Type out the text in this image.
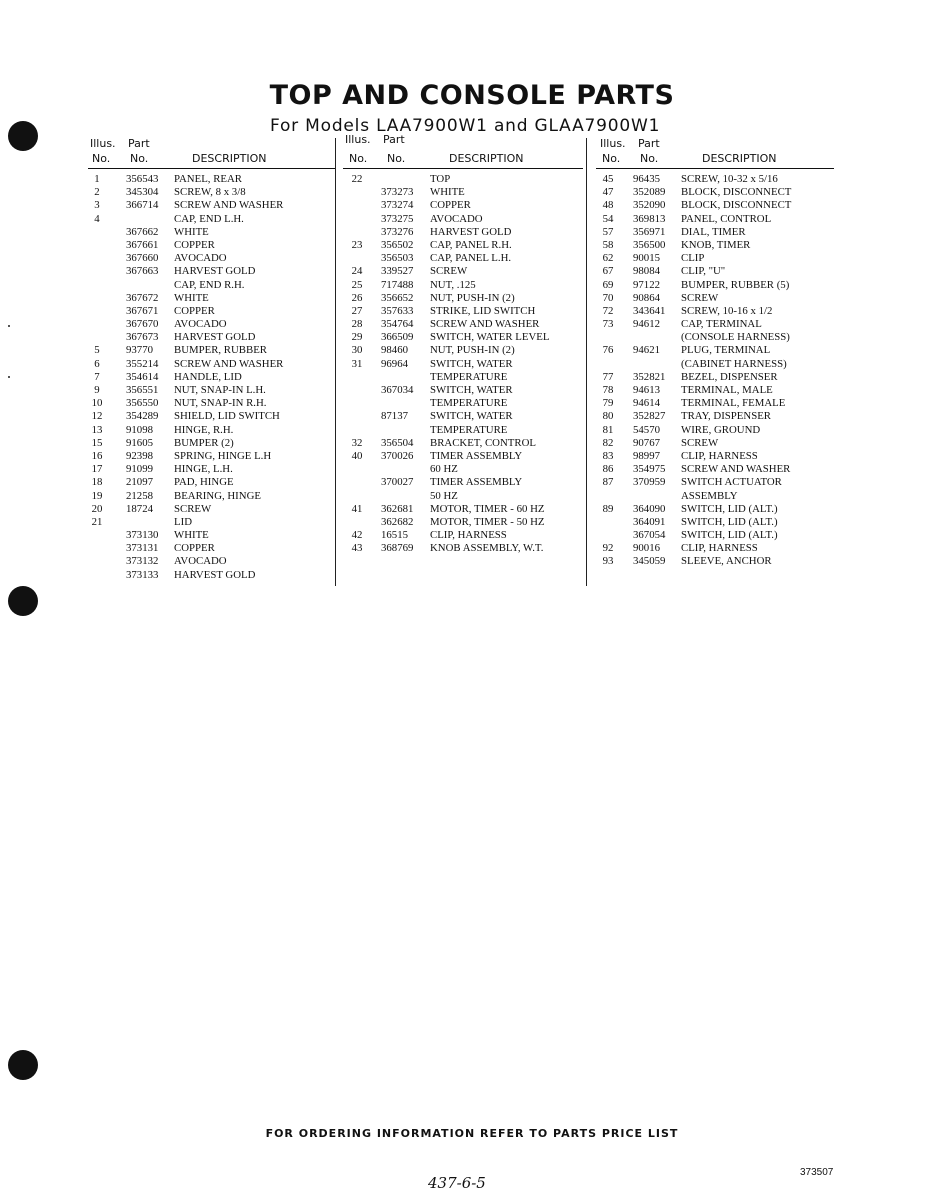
TOP AND CONSOLE PARTS
For Models LAA7900W1 and GLAA7900W1
Illus. Part
No. No.	DESCRIPTION
1	356543 PANEL, REAR
2	345304 SCREW, 8 x 3/8
3	366714 SCREW AND WASHER
4	CAP, END L.H.
367662 WHITE
367661 COPPER
367660 AVOCADO
367663 HARVEST GOLD
CAP, END R.H.
367672 WHITE
367671 COPPER
367670 AVOCADO
367673 HARVEST GOLD
5	93770 BUMPER, RUBBER
6	355214 SCREW AND WASHER
7	354614 HANDLE, LID
9	356551 NUT, SNAP-IN L.H.
10	356550 NUT, SNAP-IN R.H.
12	354289 SHIELD, LID SWITCH
13	91098 HINGE, R.H.
15	91605 BUMPER (2)
16	92398 SPRING, HINGE L.H
17	91099 HINGE, L.H.
18	21097 PAD, HINGE
19	21258 BEARING, HINGE
20	18724 SCREW
21	LID
373130 WHITE
373131 COPPER
373132 AVOCADO
373133 HARVEST GOLD
Illus. Part
No. No.	DESCRIPTION
22	TOP
373273 WHITE
373274 COPPER
373275 AVOCADO
373276 HARVEST GOLD
23	356502 CAP, PANEL R.H.
356503 CAP, PANEL L.H.
24	339527 SCREW
25	717488 NUT, .125
26	356652 NUT, PUSH-IN (2)
27	357633 STRIKE, LID SWITCH
28	354764 SCREW AND WASHER
29	366509 SWITCH, WATER LEVEL
30	98460 NUT, PUSH-IN (2)
31	96964 SWITCH, WATER
TEMPERATURE
367034 SWITCH, WATER
TEMPERATURE
87137 SWITCH, WATER
TEMPERATURE
32	356504 BRACKET, CONTROL
40	370026 TIMER ASSEMBLY
60 HZ
370027 TIMER ASSEMBLY
50 HZ
41	362681 MOTOR, TIMER - 60 HZ
362682 MOTOR, TIMER - 50 HZ
42	16515 CLIP, HARNESS
43	368769 KNOB ASSEMBLY, W.T.
Illus. Part
No. No.	DESCRIPTION
45	96435 SCREW, 10-32 x 5/16
47	352089 BLOCK, DISCONNECT
48	352090 BLOCK, DISCONNECT
54	369813 PANEL, CONTROL
57	356971 DIAL, TIMER
58	356500 KNOB, TIMER
62	90015 CLIP
67	98084 CLIP, "U"
69	97122 BUMPER, RUBBER (5)
70	90864 SCREW
72	343641 SCREW, 10-16 x 1/2
73	94612 CAP, TERMINAL
(CONSOLE HARNESS)
76	94621 PLUG, TERMINAL
(CABINET HARNESS)
77	352821 BEZEL, DISPENSER
78	94613 TERMINAL, MALE
79	94614 TERMINAL, FEMALE
80	352827 TRAY, DISPENSER
81	54570 WIRE, GROUND
82	90767 SCREW
83	98997 CLIP, HARNESS
86	354975 SCREW AND WASHER
87	370959 SWITCH ACTUATOR
ASSEMBLY
89	364090 SWITCH, LID (ALT.)
364091 SWITCH, LID (ALT.)
367054 SWITCH, LID (ALT.)
92	90016 CLIP, HARNESS
93	345059 SLEEVE, ANCHOR
FOR ORDERING INFORMATION REFER TO PARTS PRICE LIST
437-6-5
373507
